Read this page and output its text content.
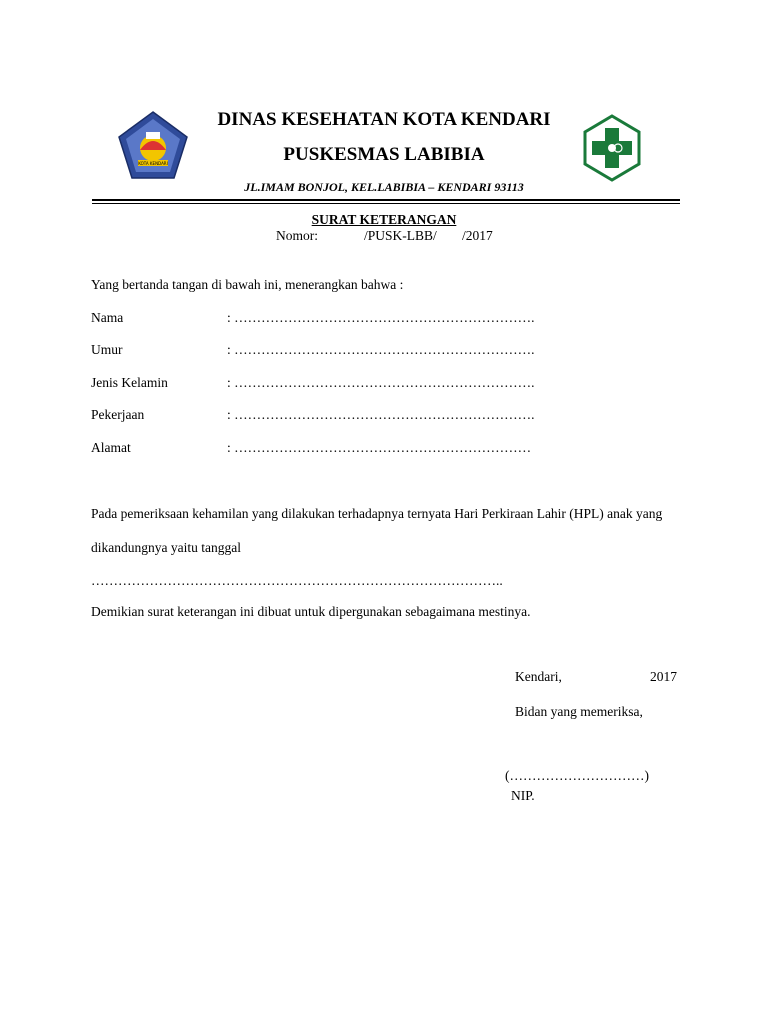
KOTA KENDARI
DINAS KESEHATAN KOTA KENDARI
PUSKESMAS LABIBIA
JL.IMAM BONJOL, KEL.LABIBIA – KENDARI 93113
SURAT KETERANGAN
Nomor:	/PUSK-LBB/ /2017
Yang bertanda tangan di bawah ini, menerangkan bahwa :
Nama	: ………………………………………………………….
Umur	: ………………………………………………………….
Jenis Kelamin	: ………………………………………………………….
Pekerjaan	: ………………………………………………………….
Alamat	: …………………………………………………………
Pada pemeriksaan kehamilan yang dilakukan terhadapnya ternyata Hari Perkiraan Lahir (HPL) anak yang
dikandungnya yaitu tanggal
………………………………………………………………………………..
Demikian surat keterangan ini dibuat untuk dipergunakan sebagaimana mestinya.
Kendari,	2017
Bidan yang memeriksa,
(…………………………)
NIP.
